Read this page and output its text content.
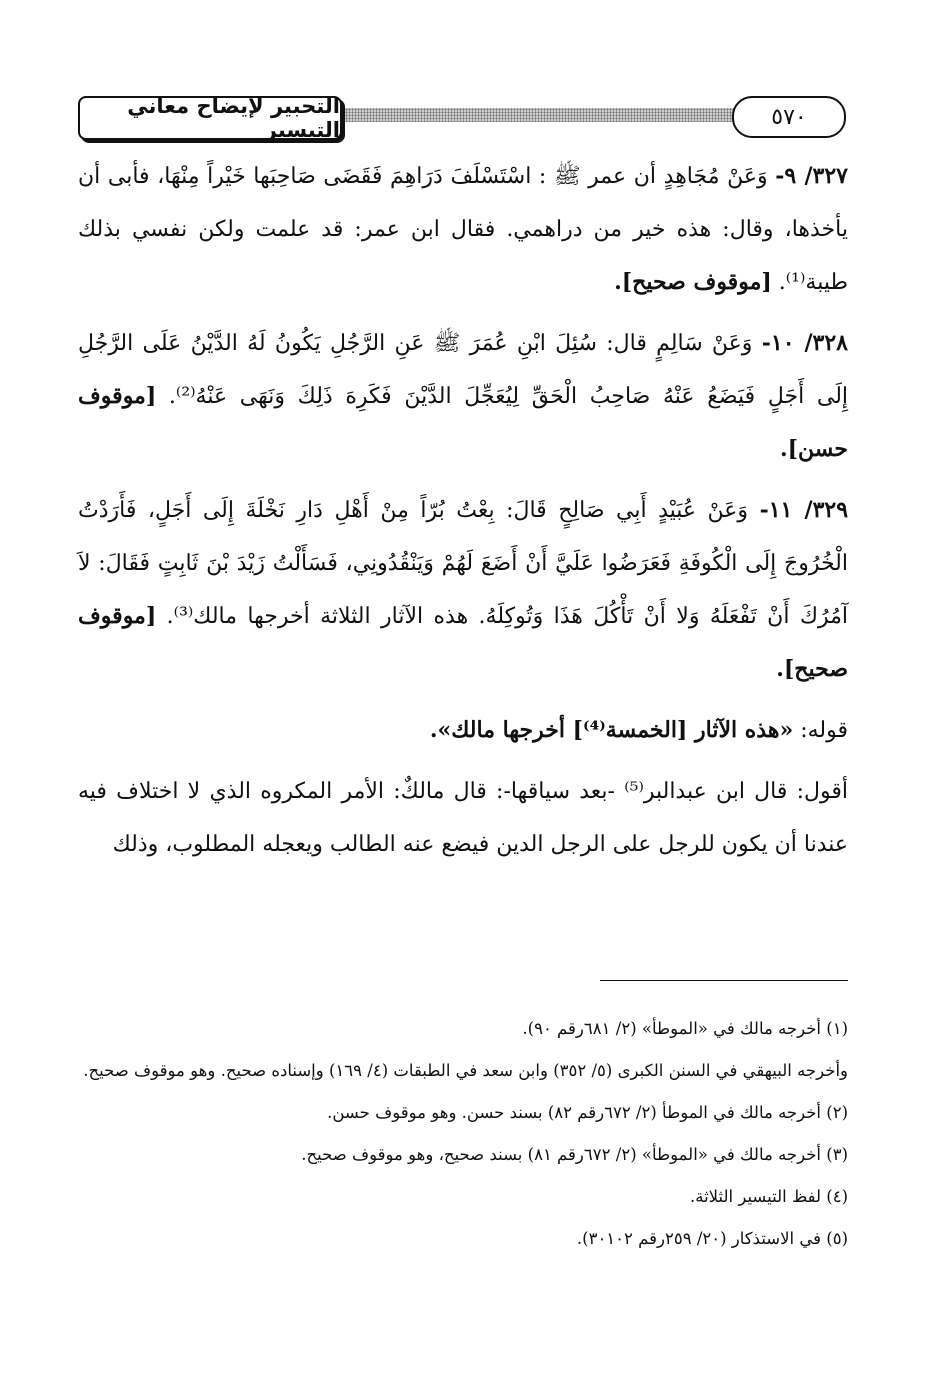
التحبير لإيضاح معاني التيسير
٥٧٠

٣٢٧/ ٩- وَعَنْ مُجَاهِدٍ أن عمر ﷺ : اسْتَسْلَفَ دَرَاهِمَ فَقَضَى صَاحِبَها خَيْراً مِنْهَا، فأبى أن يأخذها، وقال: هذه خير من دراهمي. فقال ابن عمر: قد علمت ولكن نفسي بذلك طيبة⁽¹⁾. [موقوف صحيح].

٣٢٨/ ١٠- وَعَنْ سَالِمٍ قال: سُئِلَ ابْنِ عُمَرَ ﷺ عَنِ الرَّجُلِ يَكُونُ لَهُ الدَّيْنُ عَلَى الرَّجُلِ إِلَى أَجَلٍ فَيَضَعُ عَنْهُ صَاحِبُ الْحَقِّ لِيُعَجِّلَ الدَّيْنَ فَكَرِهَ ذَلِكَ وَنَهَى عَنْهُ⁽²⁾. [موقوف حسن].

٣٢٩/ ١١- وَعَنْ عُبَيْدٍ أَبِي صَالِحٍ قَالَ: بِعْتُ بُرّاً مِنْ أَهْلِ دَارِ نَخْلَةَ إِلَى أَجَلٍ، فَأَرَدْتُ الْخُرُوجَ إِلَى الْكُوفَةِ فَعَرَضُوا عَلَيَّ أَنْ أَضَعَ لَهُمْ وَيَنْقُدُونِي، فَسَأَلْتُ زَيْدَ بْنَ ثَابِتٍ فَقَالَ: لاَ آمُرُكَ أَنْ تَفْعَلَهُ وَلا أَنْ تَأْكُلَ هَذَا وَتُوكِلَهُ. هذه الآثار الثلاثة أخرجها مالك⁽³⁾. [موقوف صحيح].

قوله: «هذه الآثار [الخمسة⁽⁴⁾] أخرجها مالك».

أقول: قال ابن عبدالبر⁽⁵⁾ -بعد سياقها-: قال مالكٌ: الأمر المكروه الذي لا اختلاف فيه عندنا أن يكون للرجل على الرجل الدين فيضع عنه الطالب ويعجله المطلوب، وذلك

(١) أخرجه مالك في «الموطأ» (٢/ ٦٨١رقم ٩٠).

وأخرجه البيهقي في السنن الكبرى (٥/ ٣٥٢) وابن سعد في الطبقات (٤/ ١٦٩) وإسناده صحيح. وهو موقوف صحيح.

(٢) أخرجه مالك في الموطأ (٢/ ٦٧٢رقم ٨٢) بسند حسن. وهو موقوف حسن.

(٣) أخرجه مالك في «الموطأ» (٢/ ٦٧٢رقم ٨١) بسند صحيح، وهو موقوف صحيح.

(٤) لفظ التيسير الثلاثة.

(٥) في الاستذكار (٢٠/ ٢٥٩رقم ٣٠١٠٢).
